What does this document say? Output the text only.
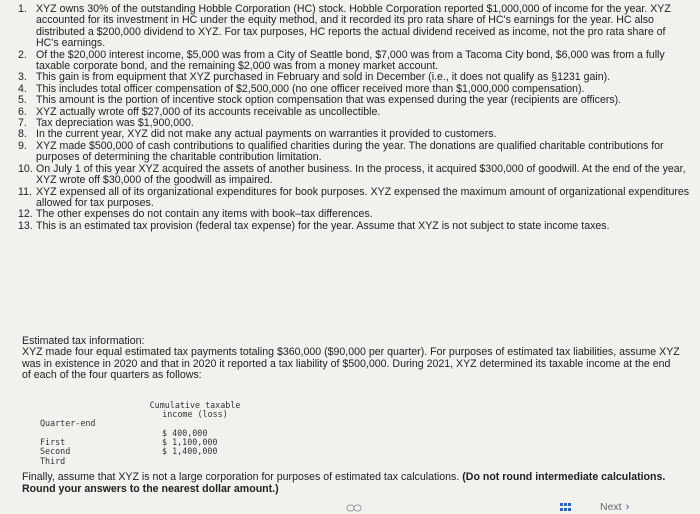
1. XYZ owns 30% of the outstanding Hobble Corporation (HC) stock. Hobble Corporation reported $1,000,000 of income for the year. XYZ accounted for its investment in HC under the equity method, and it recorded its pro rata share of HC's earnings for the year. HC also distributed a $200,000 dividend to XYZ. For tax purposes, HC reports the actual dividend received as income, not the pro rata share of HC's earnings.
2. Of the $20,000 interest income, $5,000 was from a City of Seattle bond, $7,000 was from a Tacoma City bond, $6,000 was from a fully taxable corporate bond, and the remaining $2,000 was from a money market account.
3. This gain is from equipment that XYZ purchased in February and sold in December (i.e., it does not qualify as §1231 gain).
4. This includes total officer compensation of $2,500,000 (no one officer received more than $1,000,000 compensation).
5. This amount is the portion of incentive stock option compensation that was expensed during the year (recipients are officers).
6. XYZ actually wrote off $27,000 of its accounts receivable as uncollectible.
7. Tax depreciation was $1,900,000.
8. In the current year, XYZ did not make any actual payments on warranties it provided to customers.
9. XYZ made $500,000 of cash contributions to qualified charities during the year. The donations are qualified charitable contributions for purposes of determining the charitable contribution limitation.
10. On July 1 of this year XYZ acquired the assets of another business. In the process, it acquired $300,000 of goodwill. At the end of the year, XYZ wrote off $30,000 of the goodwill as impaired.
11. XYZ expensed all of its organizational expenditures for book purposes. XYZ expensed the maximum amount of organizational expenditures allowed for tax purposes.
12. The other expenses do not contain any items with book–tax differences.
13. This is an estimated tax provision (federal tax expense) for the year. Assume that XYZ is not subject to state income taxes.
Estimated tax information:
XYZ made four equal estimated tax payments totaling $360,000 ($90,000 per quarter). For purposes of estimated tax liabilities, assume XYZ was in existence in 2020 and that in 2020 it reported a tax liability of $500,000. During 2021, XYZ determined its taxable income at the end of each of the four quarters as follows:
Cumulative taxable
income (loss)
Quarter-end
$ 400,000
First	$ 1,100,000
Second	$ 1,400,000
Third
Finally, assume that XYZ is not a large corporation for purposes of estimated tax calculations. (Do not round intermediate calculations. Round your answers to the nearest dollar amount.)
Next ›
